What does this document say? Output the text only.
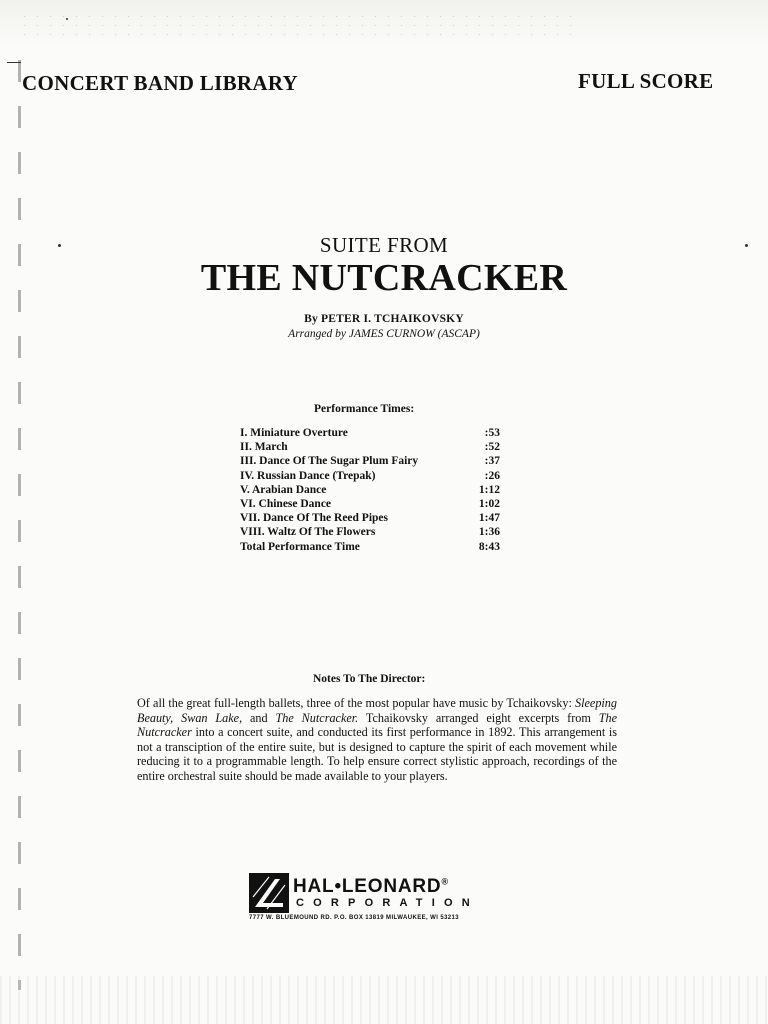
CONCERT BAND LIBRARY	FULL SCORE
SUITE FROM
THE NUTCRACKER
By PETER I. TCHAIKOVSKY
Arranged by JAMES CURNOW (ASCAP)
Performance Times:
I. Miniature Overture	:53
II. March	:52
III. Dance Of The Sugar Plum Fairy	:37
IV. Russian Dance (Trepak)	:26
V. Arabian Dance	1:12
VI. Chinese Dance	1:02
VII. Dance Of The Reed Pipes	1:47
VIII. Waltz Of The Flowers	1:36
Total Performance Time	8:43
Notes To The Director:
Of all the great full-length ballets, three of the most popular have music by Tchaikovsky: Sleeping Beauty, Swan Lake, and The Nutcracker. Tchaikovsky arranged eight excerpts from The Nutcracker into a concert suite, and conducted its first performance in 1892. This arrangement is not a transciption of the entire suite, but is designed to capture the spirit of each movement while reducing it to a programmable length. To help ensure correct stylistic approach, recordings of the entire orchestral suite should be made available to your players.
HAL•LEONARD®
CORPORATION
7777 W. BLUEMOUND RD. P.O. BOX 13819 MILWAUKEE, WI 53213
